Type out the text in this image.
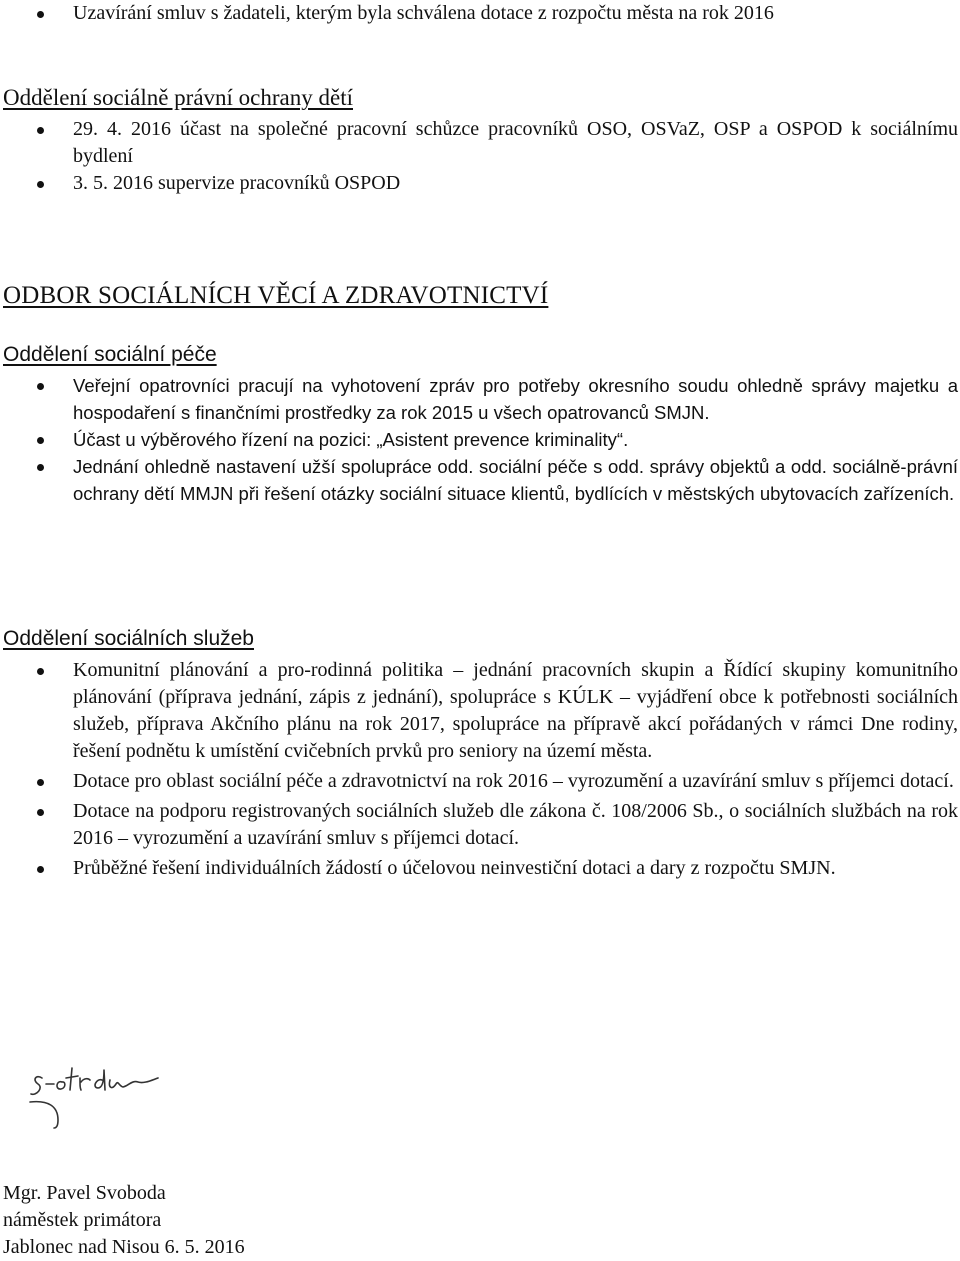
Uzavírání smluv s žadateli, kterým byla schválena dotace z rozpočtu města na rok 2016
Oddělení sociálně právní ochrany dětí
29. 4. 2016 účast na společné pracovní schůzce pracovníků OSO, OSVaZ, OSP a OSPOD k sociálnímu bydlení
3. 5. 2016 supervize pracovníků OSPOD
ODBOR SOCIÁLNÍCH VĚCÍ A ZDRAVOTNICTVÍ
Oddělení sociální péče
Veřejní opatrovníci pracují na vyhotovení zpráv pro potřeby okresního soudu ohledně správy majetku a hospodaření s finančními prostředky za rok 2015 u všech opatrovanců SMJN.
Účast u výběrového řízení na pozici: „Asistent prevence kriminality“.
Jednání ohledně nastavení užší spolupráce odd. sociální péče s odd. správy objektů a odd. sociálně-právní ochrany dětí MMJN při řešení otázky sociální situace klientů, bydlících v městských ubytovacích zařízeních.
Oddělení sociálních služeb
Komunitní plánování a pro-rodinná politika – jednání pracovních skupin a Řídící skupiny komunitního plánování (příprava jednání, zápis z jednání), spolupráce s KÚLK – vyjádření obce k potřebnosti sociálních služeb, příprava Akčního plánu na rok 2017, spolupráce na přípravě akcí pořádaných v rámci Dne rodiny, řešení podnětu k umístění cvičebních prvků pro seniory na území města.
Dotace pro oblast sociální péče a zdravotnictví na rok 2016 – vyrozumění a uzavírání smluv s příjemci dotací.
Dotace na podporu registrovaných sociálních služeb dle zákona č. 108/2006 Sb., o sociálních službách na rok 2016 – vyrozumění a uzavírání smluv s příjemci dotací.
Průběžné řešení individuálních žádostí o účelovou neinvestiční dotaci a dary z rozpočtu SMJN.
Mgr. Pavel Svoboda
náměstek primátora
Jablonec nad Nisou 6. 5. 2016
